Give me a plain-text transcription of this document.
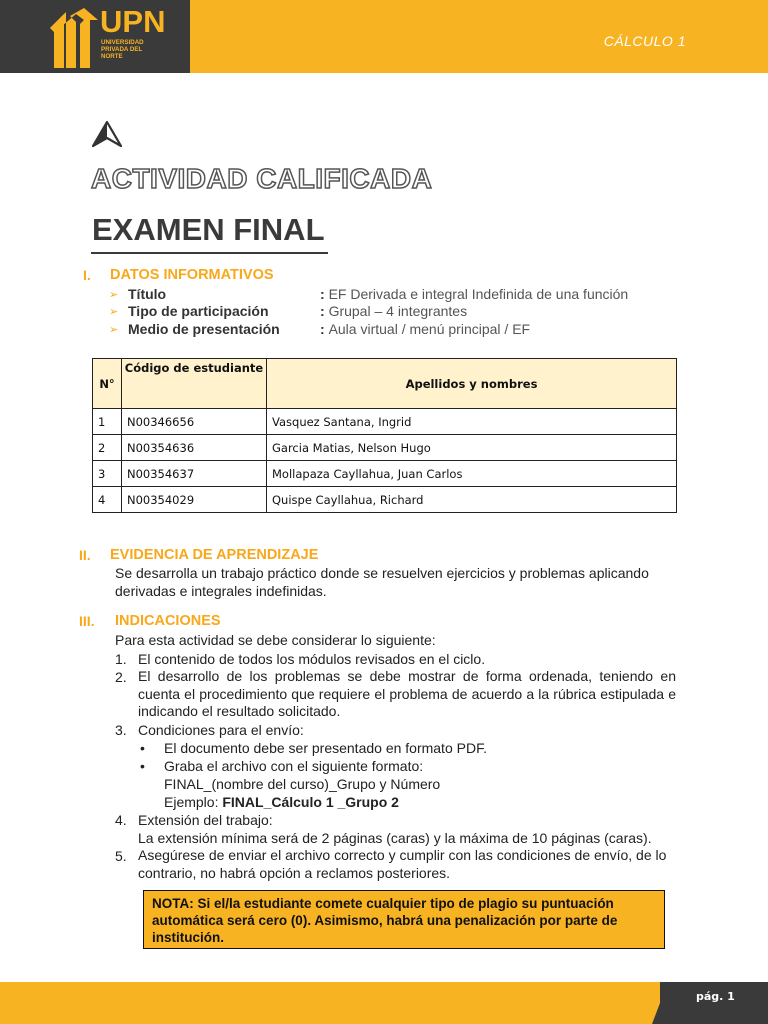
UPN
UNIVERSIDAD PRIVADA DEL NORTE
CÁLCULO 1
ACTIVIDAD CALIFICADA
EXAMEN FINAL
I. DATOS INFORMATIVOS
➢ Título	: EF Derivada e integral Indefinida de una función
➢ Tipo de participación	: Grupal – 4 integrantes
➢ Medio de presentación	: Aula virtual / menú principal / EF
N°	Código de estudiante	Apellidos y nombres
1	N00346656	Vasquez Santana, Ingrid
2	N00354636	Garcia Matias, Nelson Hugo
3	N00354637	Mollapaza Cayllahua, Juan Carlos
4	N00354029	Quispe Cayllahua, Richard
II. EVIDENCIA DE APRENDIZAJE
Se desarrolla un trabajo práctico donde se resuelven ejercicios y problemas aplicando derivadas e integrales indefinidas.
III. INDICACIONES
Para esta actividad se debe considerar lo siguiente:
1. El contenido de todos los módulos revisados en el ciclo.
2. El desarrollo de los problemas se debe mostrar de forma ordenada, teniendo en cuenta el procedimiento que requiere el problema de acuerdo a la rúbrica estipulada e indicando el resultado solicitado.
3. Condiciones para el envío:
• El documento debe ser presentado en formato PDF.
• Graba el archivo con el siguiente formato:
FINAL_(nombre del curso)_Grupo y Número
Ejemplo: FINAL_Cálculo 1 _Grupo 2
4. Extensión del trabajo:
La extensión mínima será de 2 páginas (caras) y la máxima de 10 páginas (caras).
5. Asegúrese de enviar el archivo correcto y cumplir con las condiciones de envío, de lo contrario, no habrá opción a reclamos posteriores.
NOTA: Si el/la estudiante comete cualquier tipo de plagio su puntuación automática será cero (0). Asimismo, habrá una penalización por parte de institución.
pág. 1
